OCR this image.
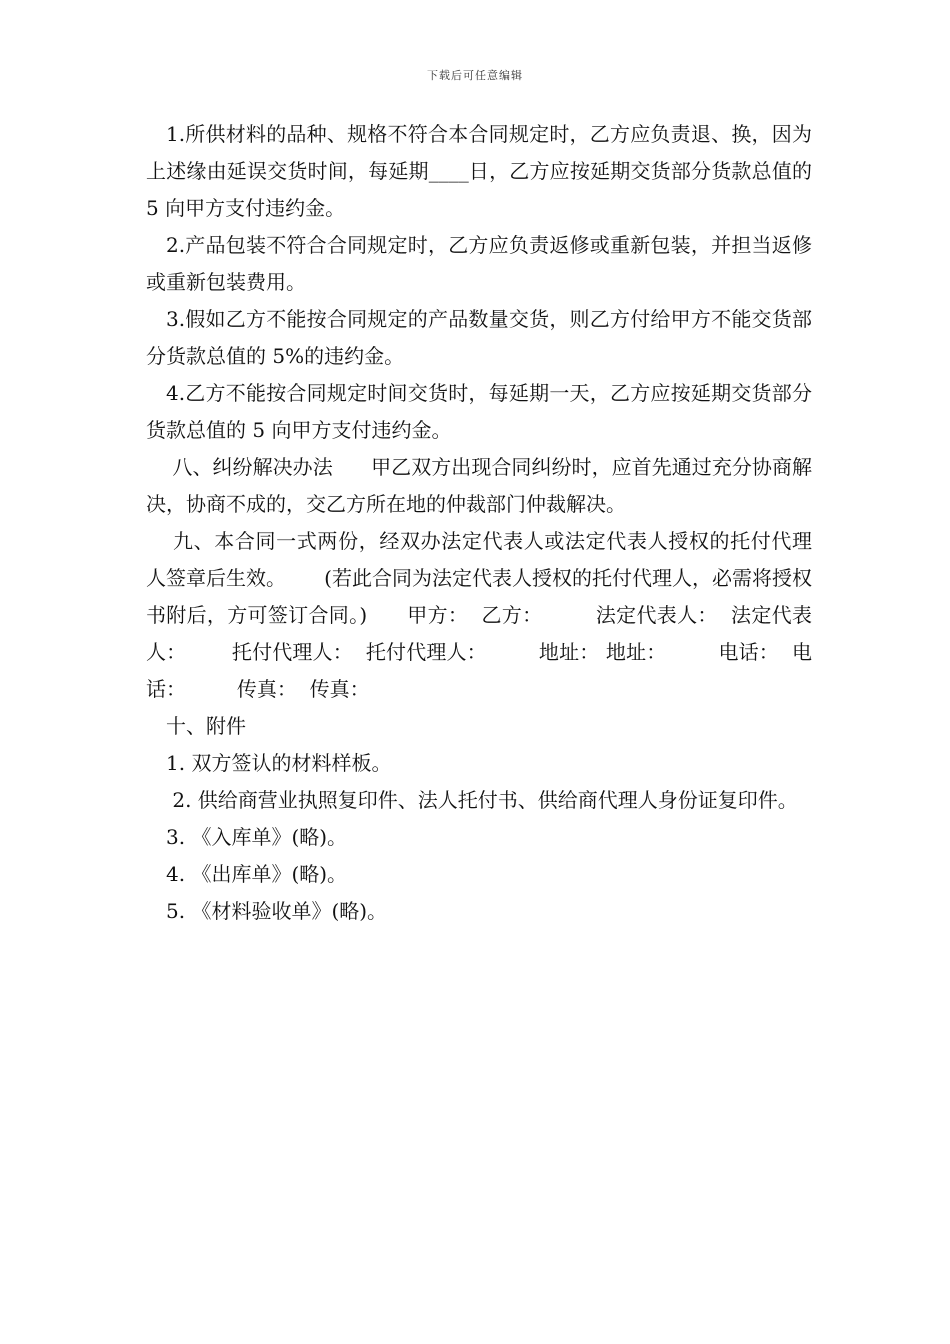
下载后可任意编辑

1.所供材料的品种、规格不符合本合同规定时，乙方应负责退、换，因为上述缘由延误交货时间，每延期____日，乙方应按延期交货部分货款总值的 5 向甲方支付违约金。

2.产品包装不符合合同规定时，乙方应负责返修或重新包装，并担当返修或重新包装费用。

3.假如乙方不能按合同规定的产品数量交货，则乙方付给甲方不能交货部分货款总值的 5%的违约金。

4.乙方不能按合同规定时间交货时，每延期一天，乙方应按延期交货部分货款总值的 5 向甲方支付违约金。

八、纠纷解决办法      甲乙双方出现合同纠纷时，应首先通过充分协商解决，协商不成的，交乙方所在地的仲裁部门仲裁解决。

九、本合同一式两份，经双办法定代表人或法定代表人授权的托付代理人签章后生效。      (若此合同为法定代表人授权的托付代理人，必需将授权书附后，方可签订合同。)      甲方：  乙方：        法定代表人：  法定代表人：       托付代理人：  托付代理人：        地址： 地址：        电话：  电话：        传真：  传真：

十、附件

1. 双方签认的材料样板。

2. 供给商营业执照复印件、法人托付书、供给商代理人身份证复印件。

3. 《入库单》(略)。

4. 《出库单》(略)。

5. 《材料验收单》(略)。
